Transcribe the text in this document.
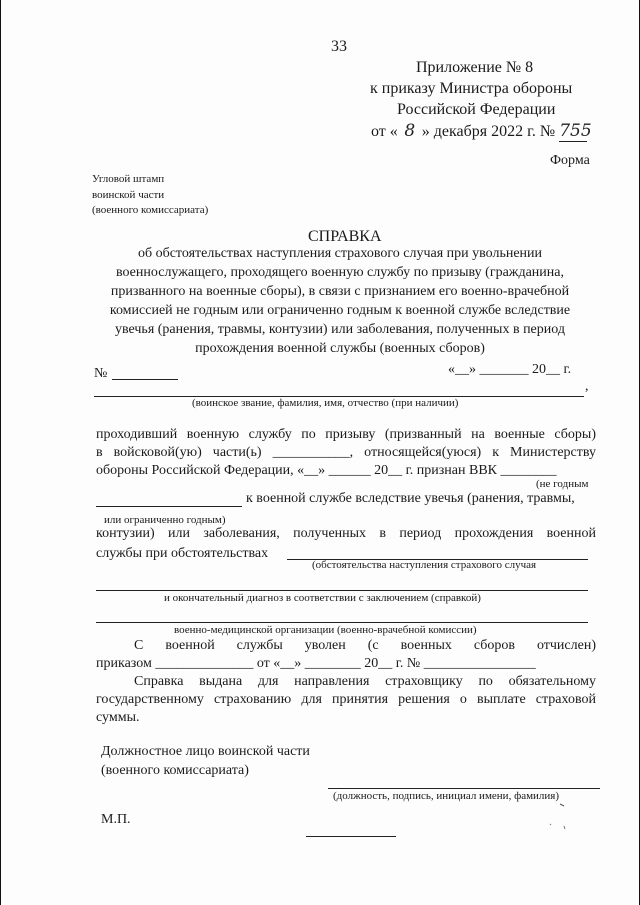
33
Приложение № 8
к приказу Министра обороны
Российской Федерации
от « 8 » декабря 2022 г. № 755
Форма
Угловой штамп
воинской части
(военного комиссариата)
СПРАВКА
об обстоятельствах наступления страхового случая при увольнении
военнослужащего, проходящего военную службу по призыву (гражданина,
призванного на военные сборы), в связи с признанием его военно-врачебной
комиссией не годным или ограниченно годным к военной службе вследствие
увечья (ранения, травмы, контузии) или заболевания, полученных в период
прохождения военной службы (военных сборов)
№	«__» _______ 20__ г.
,
(воинское звание, фамилия, имя, отчество (при наличии)
проходивший военную службу по призыву (призванный на военные сборы)
в войсковой(ую) части(ь) ___________, относящейся(уюся) к Министерству
обороны Российской Федерации, «__» ______ 20__ г. признан ВВК ________
(не годным
к военной службе вследствие увечья (ранения, травмы,
или ограниченно годным)
контузии) или заболевания, полученных в период прохождения военной
службы при обстоятельствах
(обстоятельства наступления страхового случая
и окончательный диагноз в соответствии с заключением (справкой)
военно-медицинской организации (военно-врачебной комиссии)
С военной службы уволен (с военных сборов отчислен)
приказом ______________ от «__» ________ 20__ г. № ________________
Справка выдана для направления страховщику по обязательному
государственному страхованию для принятия решения о выплате страховой
суммы.
Должностное лицо воинской части
(военного комиссариата)
(должность, подпись, инициал имени, фамилия)
М.П.
